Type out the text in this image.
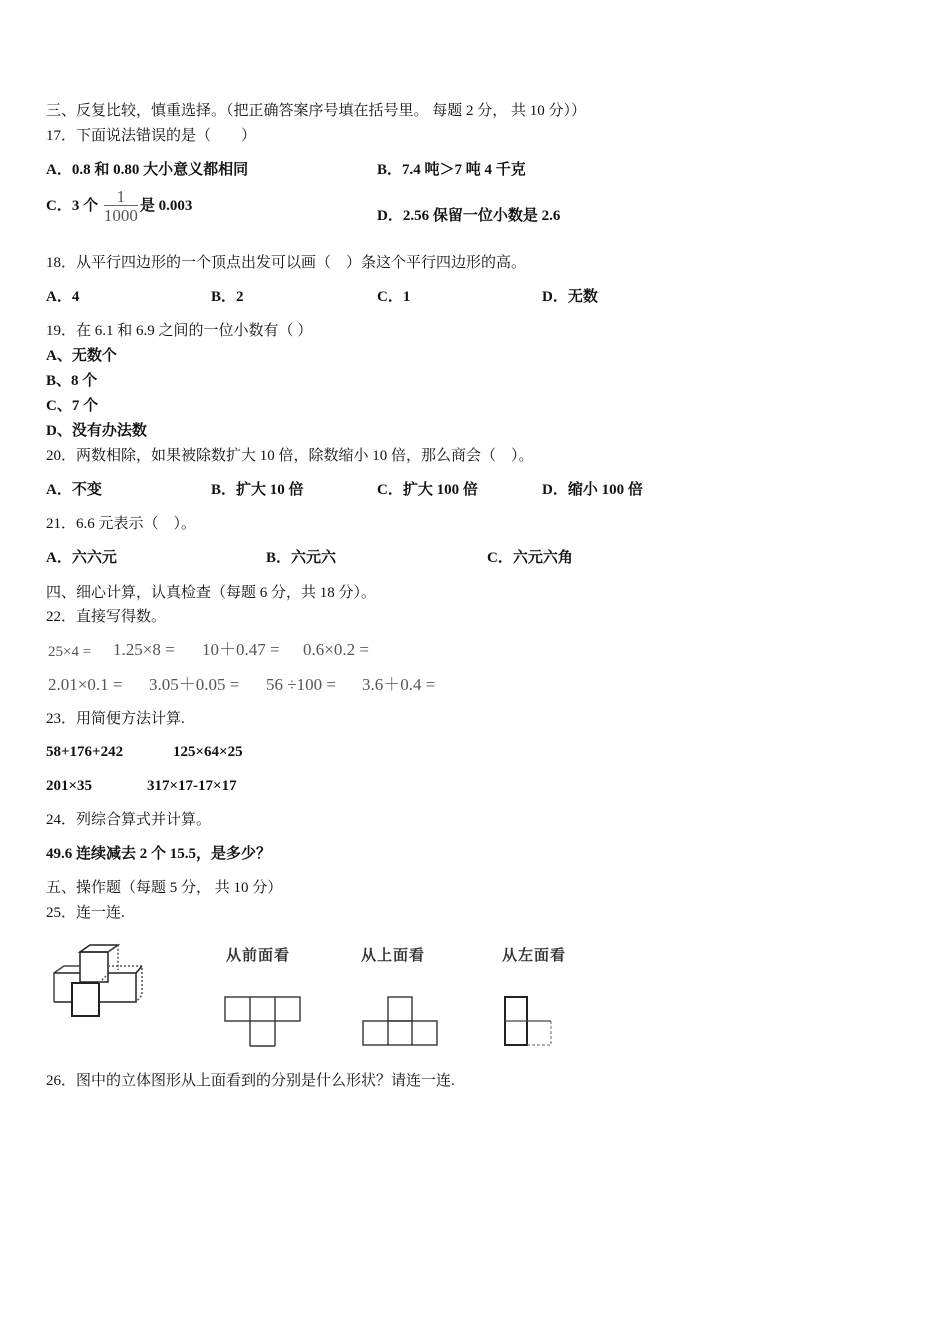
三、反复比较，慎重选择。（把正确答案序号填在括号里。 每题 2 分， 共 10 分））
17．下面说法错误的是（　　）
A．0.8 和 0.80 大小意义都相同	B．7.4 吨＞7 吨 4 千克
C．3 个 $\frac{1}{1000}$ 是 0.003
D．2.56 保留一位小数是 2.6
18．从平行四边形的一个顶点出发可以画（　）条这个平行四边形的高。
A．4	B．2	C．1	D．无数
19．在 6.1 和 6.9 之间的一位小数有（ ）
A、无数个
B、8 个
C、7 个
D、没有办法数
20．两数相除，如果被除数扩大 10 倍，除数缩小 10 倍，那么商会（　）。
A．不变	B．扩大 10 倍	C．扩大 100 倍	D．缩小 100 倍
21．6.6 元表示（　）。
A．六六元	B．六元六	C．六元六角
四、细心计算，认真检查（每题 6 分，共 18 分）。
22．直接写得数。
25×4 = 1.25×8 = 10＋0.47 = 0.6×0.2 =
2.01×0.1 = 3.05＋0.05 = 56 ÷100 = 3.6＋0.4 =
23．用简便方法计算.
58+176+242	125×64×25
201×35	317×17-17×17
24．列综合算式并计算。
49.6 连续减去 2 个 15.5，是多少？
五、操作题（每题 5 分， 共 10 分）
25．连一连.
从前面看	从上面看	从左面看
26．图中的立体图形从上面看到的分别是什么形状？请连一连.
